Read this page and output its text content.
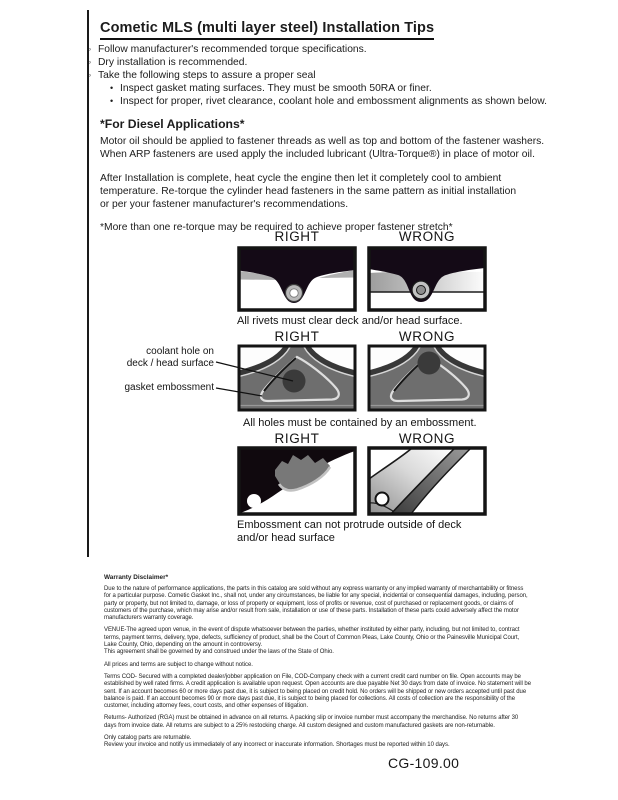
Cometic MLS (multi layer steel) Installation Tips
◦ Follow manufacturer's recommended torque specifications.
◦ Dry installation is recommended.
◦ Take the following steps to assure a proper seal
• Inspect gasket mating surfaces. They must be smooth 50RA or finer.
• Inspect for proper, rivet clearance, coolant hole and embossment alignments as shown below.
*For Diesel Applications*
Motor oil should be applied to fastener threads as well as top and bottom of the fastener washers.
When ARP fasteners are used apply the included lubricant (Ultra-Torque®) in place of motor oil.
After Installation is complete, heat cycle the engine then let it completely cool to ambient
temperature. Re-torque the cylinder head fasteners in the same pattern as initial installation
or per your fastener manufacturer's recommendations.
*More than one re-torque may be required to achieve proper fastener stretch*
RIGHT	WRONG
All rivets must clear deck and/or head surface.
RIGHT	WRONG
coolant hole on
deck / head surface
gasket embossment
All holes must be contained by an embossment.
RIGHT	WRONG
Embossment can not protrude outside of deck and/or head surface
Warranty Disclaimer*

Due to the nature of performance applications, the parts in this catalog are sold without any express warranty or any implied warranty of merchantability or fitness for a particular purpose. Cometic Gasket Inc., shall not, under any circumstances, be liable for any special, incidental or consequential damages, including, person, party or property, but not limited to, damage, or loss of property or equipment, loss of profits or revenue, cost of purchased or replacement goods, or claims of customers of the purchase, which may arise and/or result from sale, installation or use of these parts. Installation of these parts could adversely affect the motor manufacturers warranty coverage.

VENUE-The agreed upon venue, in the event of dispute whatsoever between the parties, whether instituted by either party, including, but not limited to, contract terms, payment terms, delivery, type, defects, sufficiency of product, shall be the Court of Common Pleas, Lake County, Ohio or the Painesville Municipal Court, Lake County, Ohio, depending on the amount in controversy.

This agreement shall be governed by and construed under the laws of the State of Ohio.

All prices and terms are subject to change without notice.

Terms COD- Secured with a completed dealer/jobber application on File, COD-Company check with a current credit card number on file. Open accounts may be established by well rated firms. A credit application is available upon request. Open accounts are due payable Net 30 days from date of invoice. No statement will be sent. If an account becomes 60 or more days past due, it is subject to being placed on credit hold. No orders will be shipped or new orders accepted until past due balance is paid. If an account becomes 90 or more days past due, it is subject to being placed for collections. All costs of collection are the responsibility of the customer, including attorney fees, court costs, and other expenses of litigation.

Returns- Authorized (RGA) must be obtained in advance on all returns. A packing slip or invoice number must accompany the merchandise. No returns after 30 days from invoice date. All returns are subject to a 25% restocking charge. All custom designed and custom manufactured gaskets are non-returnable.

Only catalog parts are returnable.

Review your invoice and notify us immediately of any incorrect or inaccurate information. Shortages must be reported within 10 days.

CG-109.00
